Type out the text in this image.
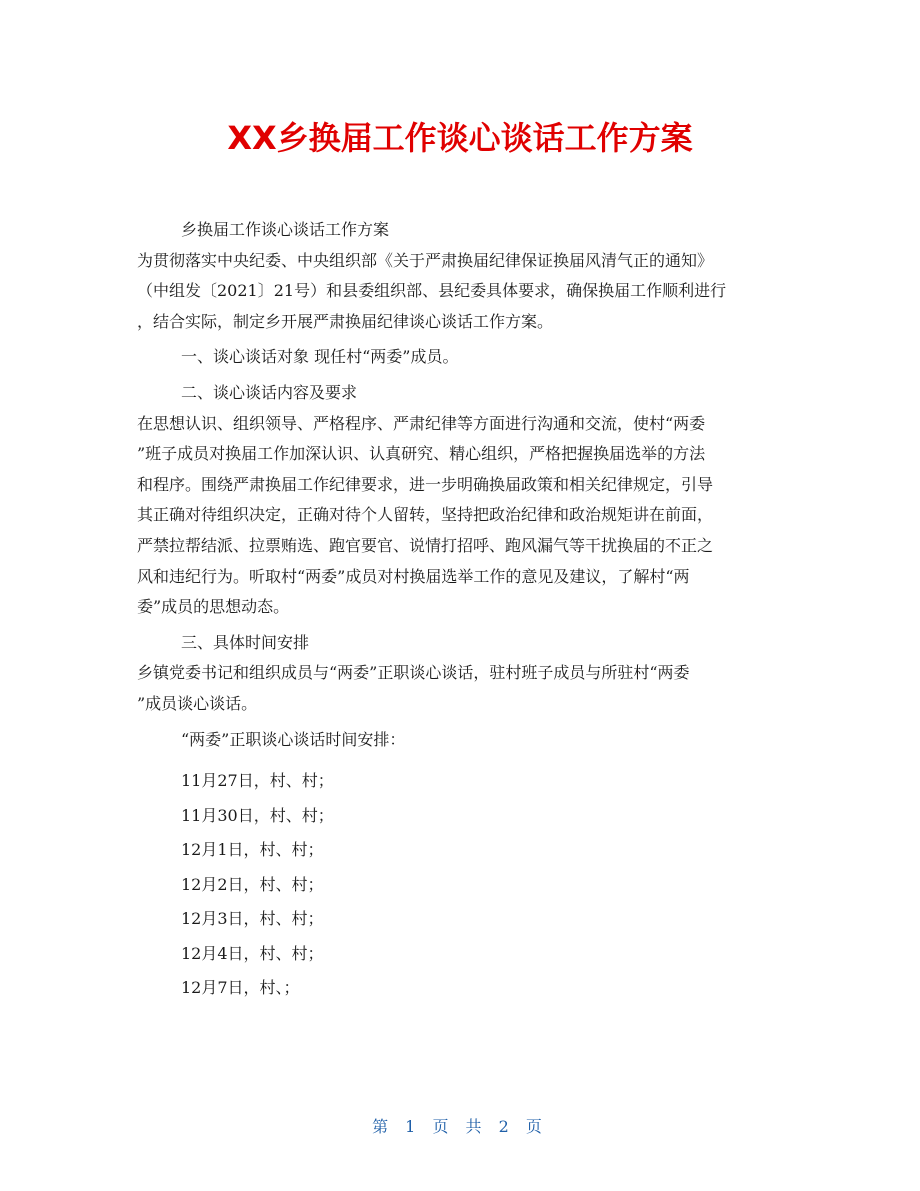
XX乡换届工作谈心谈话工作方案
乡换届工作谈心谈话工作方案
为贯彻落实中央纪委、中央组织部《关于严肃换届纪律保证换届风清气正的通知》
（中组发〔2021〕21号）和县委组织部、县纪委具体要求，确保换届工作顺利进行
，结合实际，制定乡开展严肃换届纪律谈心谈话工作方案。
一、谈心谈话对象 现任村“两委”成员。
二、谈心谈话内容及要求
在思想认识、组织领导、严格程序、严肃纪律等方面进行沟通和交流，使村“两委
”班子成员对换届工作加深认识、认真研究、精心组织，严格把握换届选举的方法
和程序。围绕严肃换届工作纪律要求，进一步明确换届政策和相关纪律规定，引导
其正确对待组织决定，正确对待个人留转，坚持把政治纪律和政治规矩讲在前面，
严禁拉帮结派、拉票贿选、跑官要官、说情打招呼、跑风漏气等干扰换届的不正之
风和违纪行为。听取村“两委”成员对村换届选举工作的意见及建议，了解村“两
委”成员的思想动态。
三、具体时间安排
乡镇党委书记和组织成员与“两委”正职谈心谈话，驻村班子成员与所驻村“两委
”成员谈心谈话。
“两委”正职谈心谈话时间安排：
11月27日，村、村；
11月30日，村、村；
12月1日，村、村；
12月2日，村、村；
12月3日，村、村；
12月4日，村、村；
12月7日，村、；
第 1 页 共 2 页
